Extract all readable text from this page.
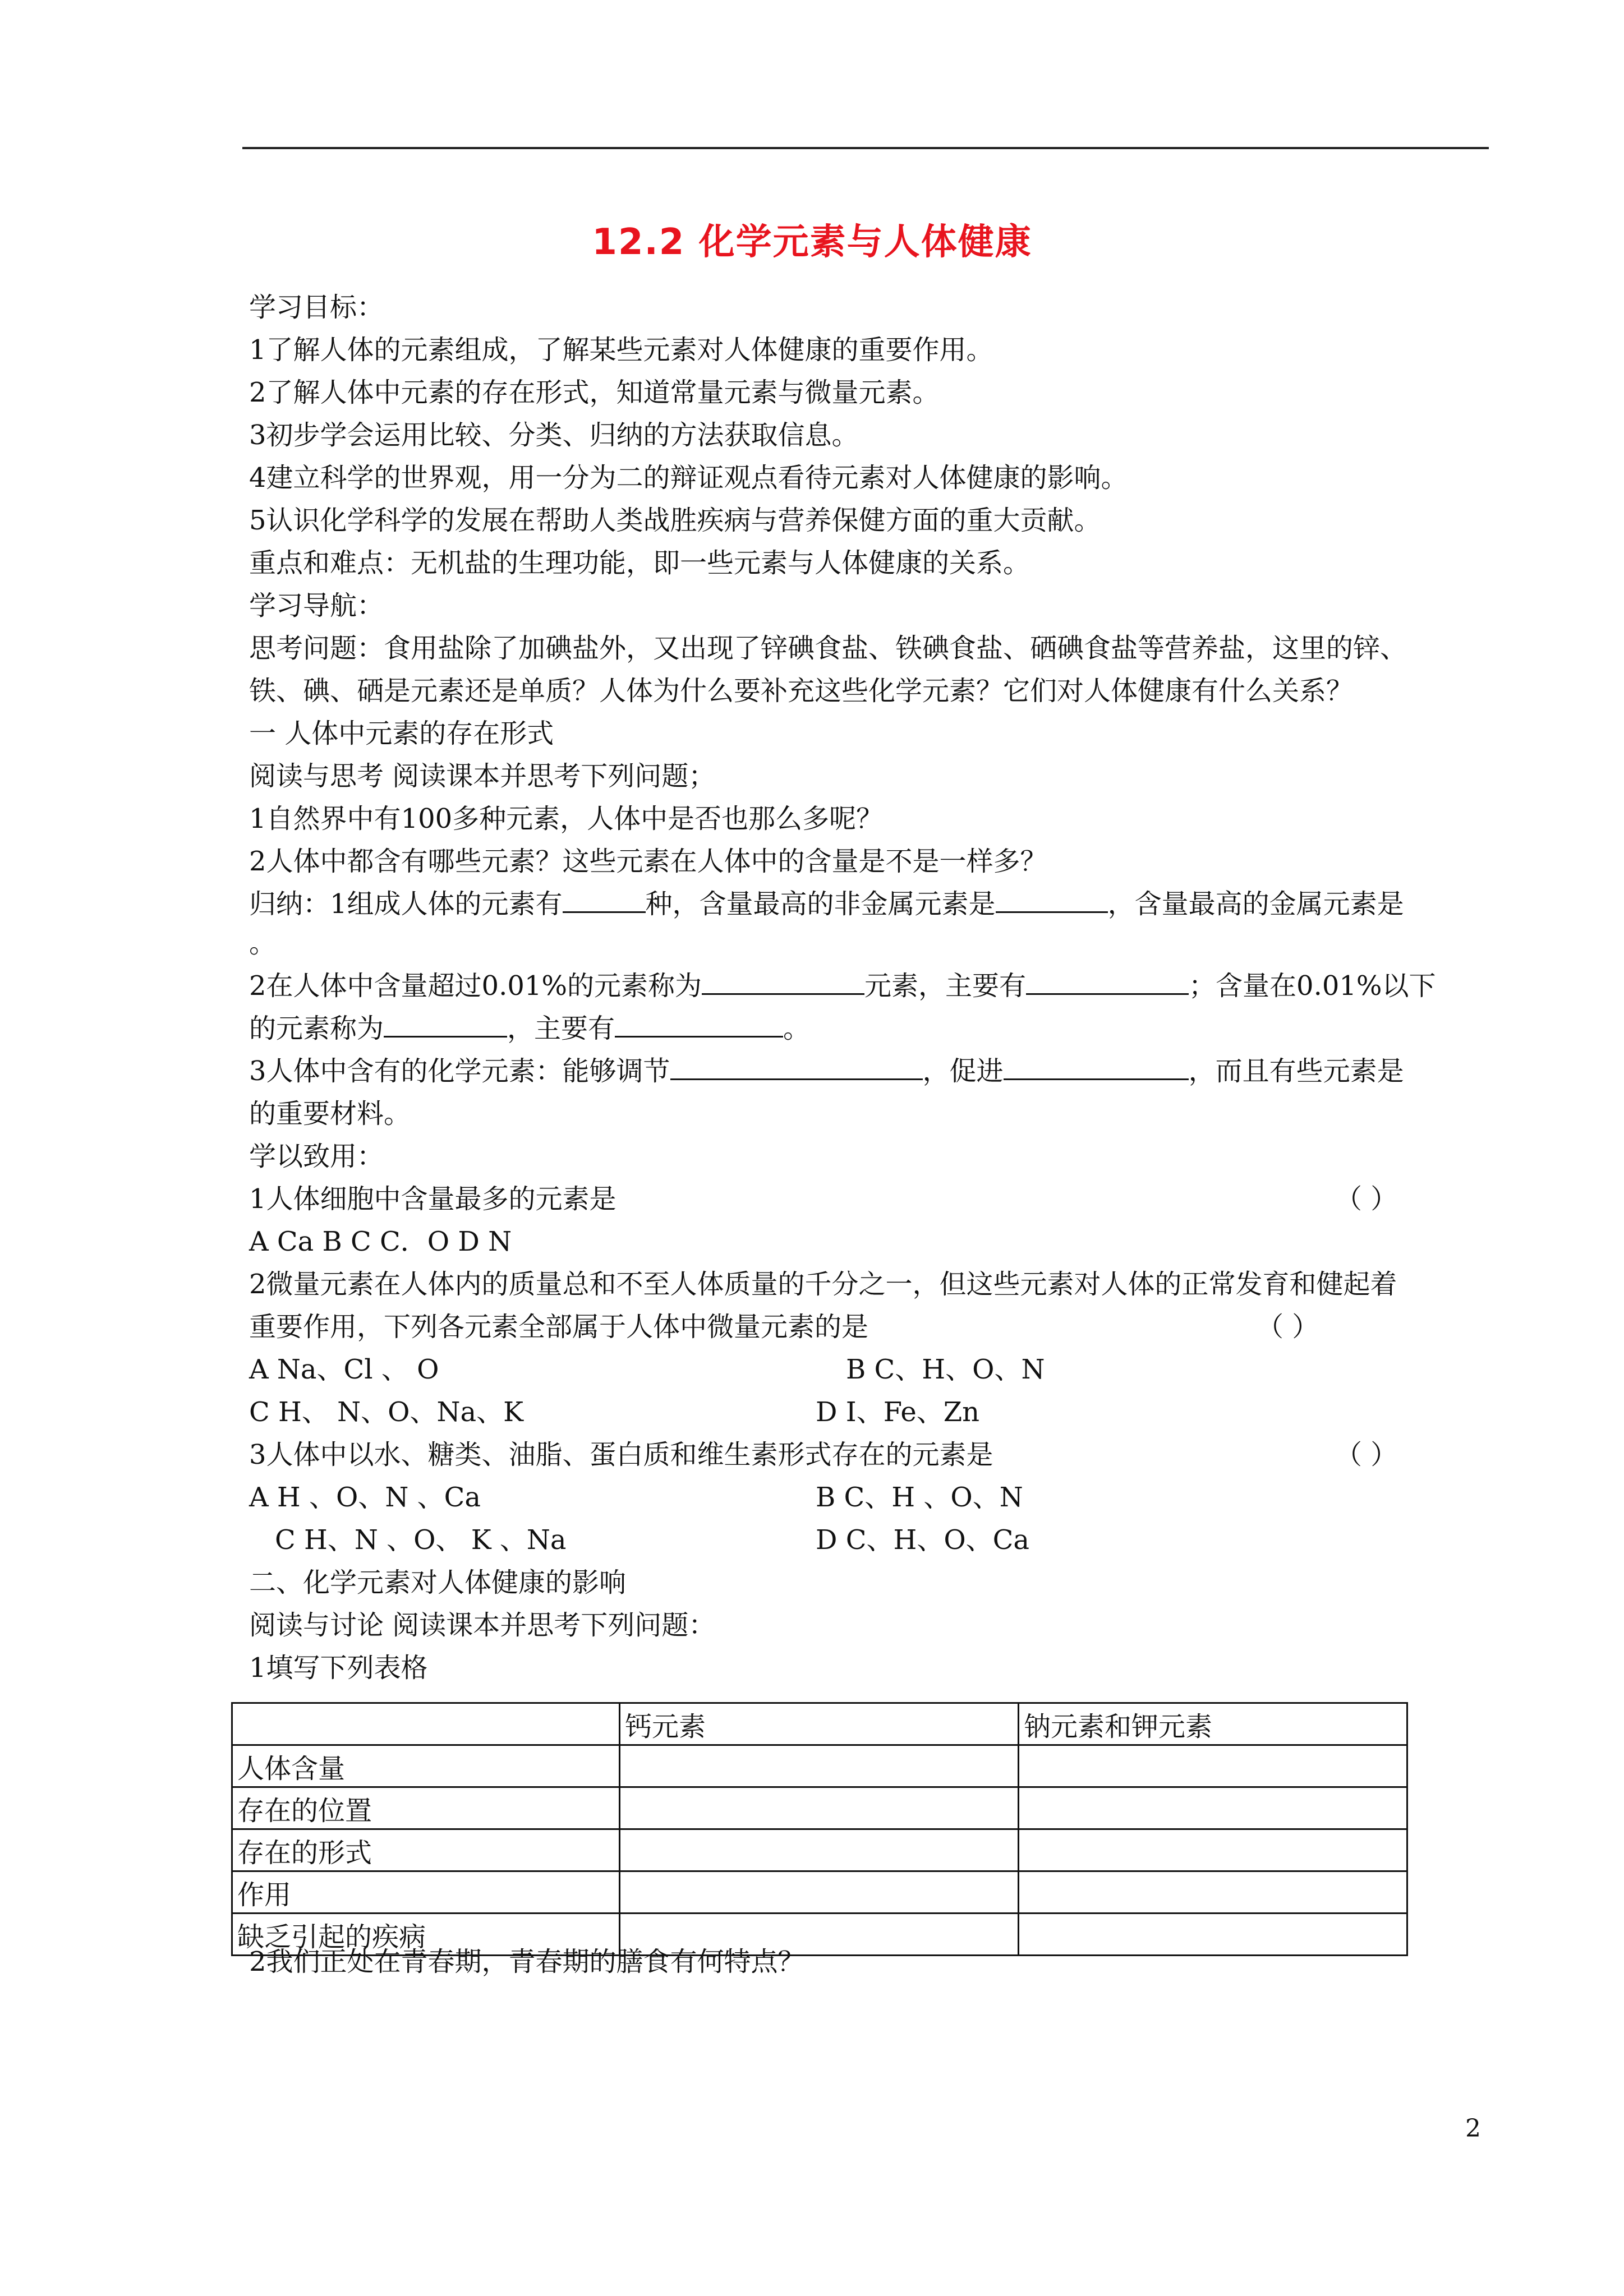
12.2 化学元素与人体健康
学习目标：
1了解人体的元素组成，了解某些元素对人体健康的重要作用。
2了解人体中元素的存在形式，知道常量元素与微量元素。
3初步学会运用比较、分类、归纳的方法获取信息。
4建立科学的世界观，用一分为二的辩证观点看待元素对人体健康的影响。
5认识化学科学的发展在帮助人类战胜疾病与营养保健方面的重大贡献。
重点和难点：无机盐的生理功能，即一些元素与人体健康的关系。
学习导航：
思考问题：食用盐除了加碘盐外，又出现了锌碘食盐、铁碘食盐、硒碘食盐等营养盐，这里的锌、
铁、碘、硒是元素还是单质？人体为什么要补充这些化学元素？它们对人体健康有什么关系？
一 人体中元素的存在形式
阅读与思考 阅读课本并思考下列问题；
1自然界中有100多种元素，人体中是否也那么多呢？
2人体中都含有哪些元素？这些元素在人体中的含量是不是一样多？
归纳：1组成人体的元素有	种，含量最高的非金属元素是	，含量最高的金属元素是
。
2在人体中含量超过0.01%的元素称为	元素，主要有	；含量在0.01%以下
的元素称为	，主要有	。
3人体中含有的化学元素：能够调节	，促进	，而且有些元素是
的重要材料。
学以致用：
1人体细胞中含量最多的元素是	（ ）
A Ca B C C．O D N
2微量元素在人体内的质量总和不至人体质量的千分之一，但这些元素对人体的正常发育和健起着
重要作用，下列各元素全部属于人体中微量元素的是	（ ）
A Na、Cl 、 O	B C、H、O、N
C H、 N、O、Na、K	D I、Fe、Zn
3人体中以水、糖类、油脂、蛋白质和维生素形式存在的元素是	（ ）
A H 、O、N 、Ca	B C、H 、O、N
C H、N 、O、 K 、Na	D C、H、O、Ca
二、化学元素对人体健康的影响
阅读与讨论 阅读课本并思考下列问题：
1填写下列表格
	钙元素	钠元素和钾元素
人体含量		
存在的位置		
存在的形式		
作用		
缺乏引起的疾病		
2我们正处在青春期，青春期的膳食有何特点？
2
